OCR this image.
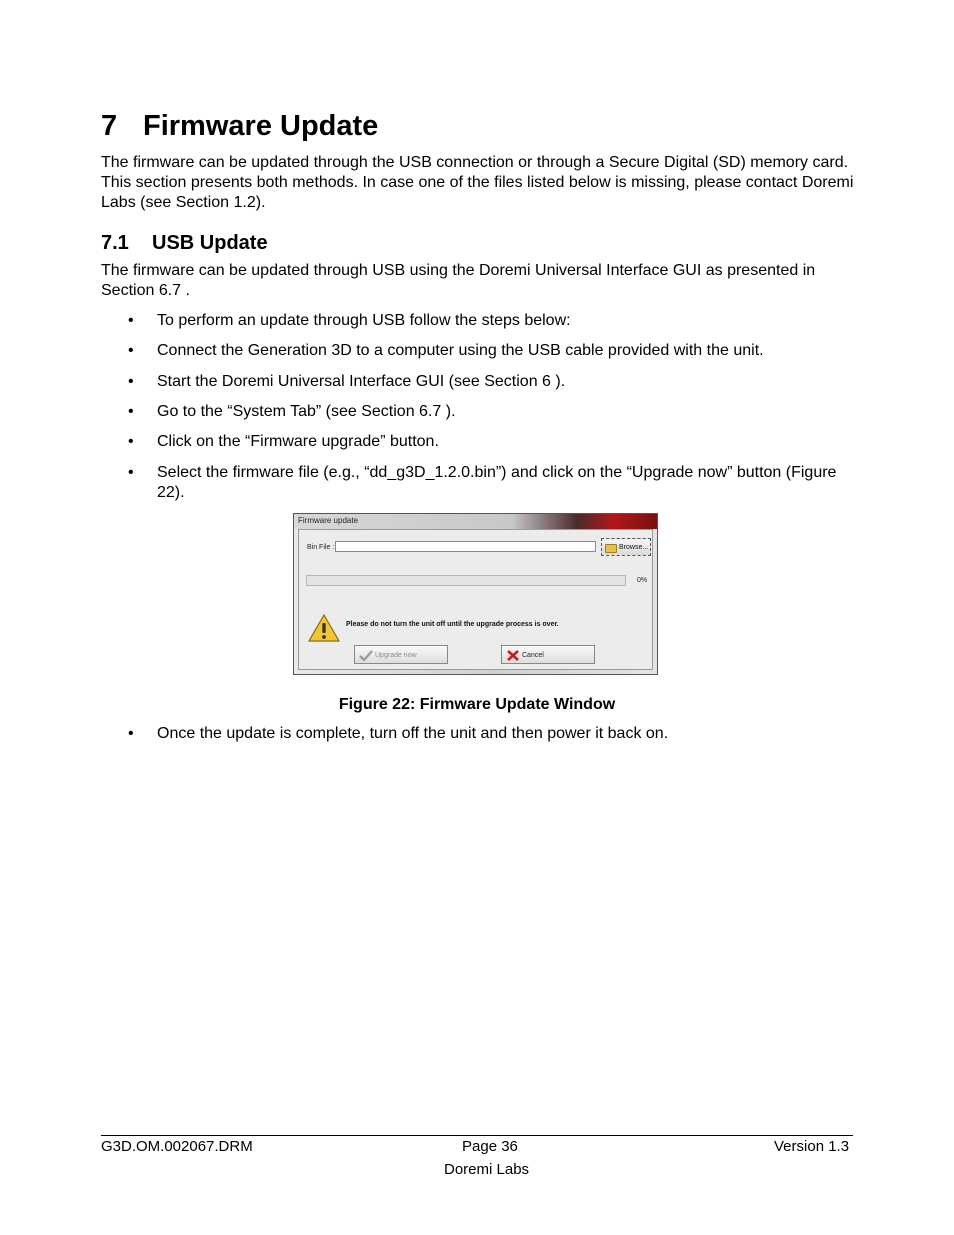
7 Firmware Update

The firmware can be updated through the USB connection or through a Secure Digital (SD) memory card. This section presents both methods. In case one of the files listed below is missing, please contact Doremi Labs (see Section 1.2).

7.1 USB Update

The firmware can be updated through USB using the Doremi Universal Interface GUI as presented in Section 6.7 .

• To perform an update through USB follow the steps below:
• Connect the Generation 3D to a computer using the USB cable provided with the unit.
• Start the Doremi Universal Interface GUI (see Section 6 ).
• Go to the “System Tab” (see Section 6.7 ).
• Click on the “Firmware upgrade” button.
• Select the firmware file (e.g., “dd_g3D_1.2.0.bin”) and click on the “Upgrade now” button (Figure 22).
Firmware update
Bin File :	Browse...
0%
Please do not turn the unit off until the upgrade process is over.
Upgrade now	Cancel
Figure 22: Firmware Update Window
• Once the update is complete, turn off the unit and then power it back on.
G3D.OM.002067.DRM	Page 36	Version 1.3
Doremi Labs
